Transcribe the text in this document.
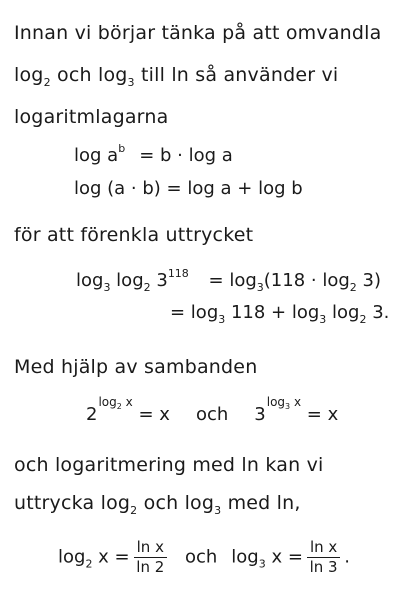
Innan vi börjar tänka på att omvandla
$\log_2$ och $\log_3$ till ln så använder vi
logaritmlagarna
$\log a^b = b \cdot \log a$
log (a · b) = log a + log b
för att förenkla uttrycket
$\log_3 \log_2 3^{118} = \log_3(118 \cdot \log_2 3)$
= $\log_3 118 + \log_3 \log_2 3$.
Med hjälp av sambanden
$2^{log_2 x} = x$ och $3^{log_3 x} = x$
och logaritmering med ln kan vi
uttrycka $\log_2$ och $\log_3$ med ln,
$\log_2 x = \frac{\text{ln x}}{\ln 2}$ och $\log_3 x = \frac{\text{ln x}}{\ln 3}$ .
